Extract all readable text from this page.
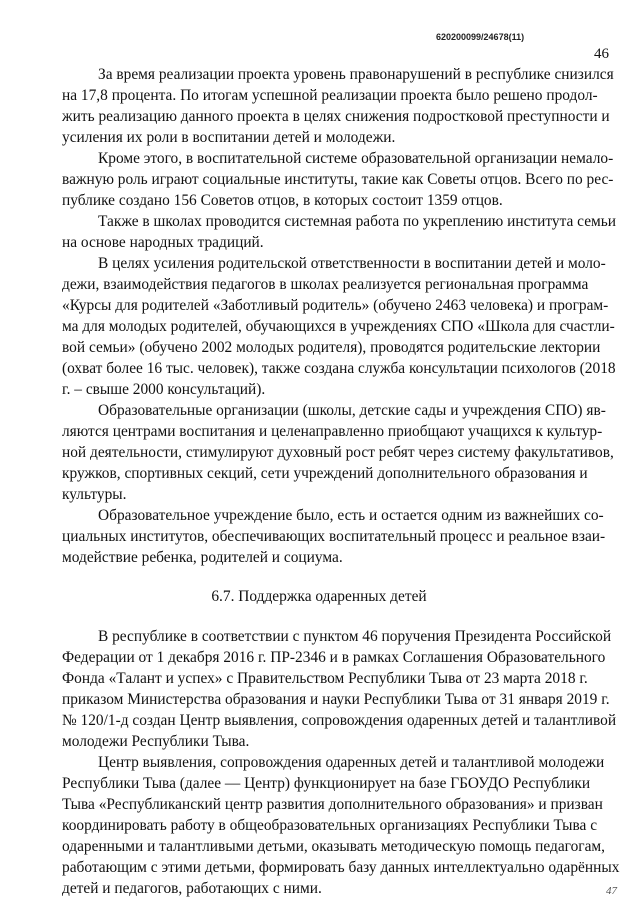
620200099/24678(11)
46
За время реализации проекта уровень правонарушений в республике снизился
на 17,8 процента. По итогам успешной реализации проекта было решено продол-
жить реализацию данного проекта в целях снижения подростковой преступности и
усиления их роли в воспитании детей и молодежи.
Кроме этого, в воспитательной системе образовательной организации немало-
важную роль играют социальные институты, такие как Советы отцов. Всего по рес-
публике создано 156 Советов отцов, в которых состоит 1359 отцов.
Также в школах проводится системная работа по укреплению института семьи
на основе народных традиций.
В целях усиления родительской ответственности в воспитании детей и моло-
дежи, взаимодействия педагогов в школах реализуется региональная программа
«Курсы для родителей «Заботливый родитель» (обучено 2463 человека) и програм-
ма для молодых родителей, обучающихся в учреждениях СПО «Школа для счастли-
вой семьи» (обучено 2002 молодых родителя), проводятся родительские лектории
(охват более 16 тыс. человек), также создана служба консультации психологов (2018
г. – свыше 2000 консультаций).
Образовательные организации (школы, детские сады и учреждения СПО) яв-
ляются центрами воспитания и целенаправленно приобщают учащихся к культур-
ной деятельности, стимулируют духовный рост ребят через систему факультативов,
кружков, спортивных секций, сети учреждений дополнительного образования и
культуры.
Образовательное учреждение было, есть и остается одним из важнейших со-
циальных институтов, обеспечивающих воспитательный процесс и реальное взаи-
модействие ребенка, родителей и социума.
6.7. Поддержка одаренных детей
В республике в соответствии с пунктом 46 поручения Президента Российской
Федерации от 1 декабря 2016 г. ПР-2346 и в рамках Соглашения Образовательного
Фонда «Талант и успех» с Правительством Республики Тыва от 23 марта 2018 г.
приказом Министерства образования и науки Республики Тыва от 31 января 2019 г.
№ 120/1-д создан Центр выявления, сопровождения одаренных детей и талантливой
молодежи Республики Тыва.
Центр выявления, сопровождения одаренных детей и талантливой молодежи
Республики Тыва (далее — Центр) функционирует на базе ГБОУДО Республики
Тыва «Республиканский центр развития дополнительного образования» и призван
координировать работу в общеобразовательных организациях Республики Тыва с
одаренными и талантливыми детьми, оказывать методическую помощь педагогам,
работающим с этими детьми, формировать базу данных интеллектуально одарённых
детей и педагогов, работающих с ними.	47
